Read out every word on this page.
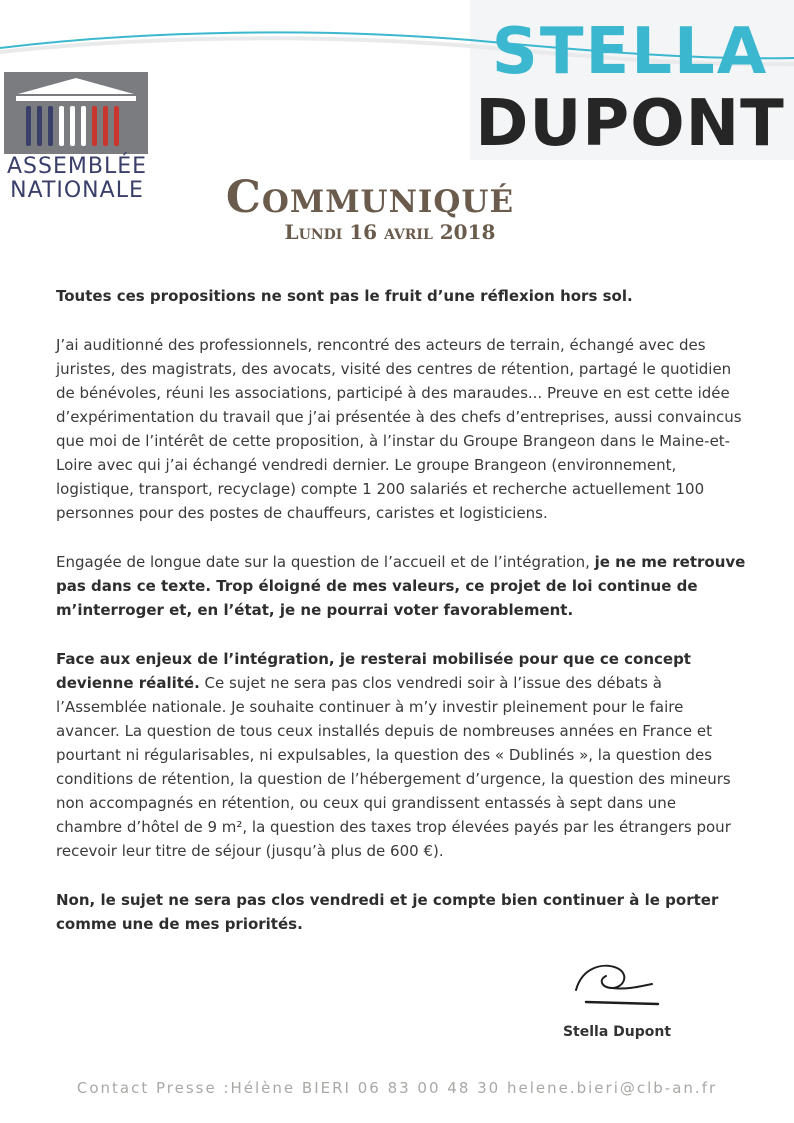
ASSEMBLÉE
NATIONALE
STELLA
DUPONT
Communiqué
Lundi 16 avril 2018

Toutes ces propositions ne sont pas le fruit d’une réflexion hors sol.

J’ai auditionné des professionnels, rencontré des acteurs de terrain, échangé avec des juristes, des magistrats, des avocats, visité des centres de rétention, partagé le quotidien de bénévoles, réuni les associations, participé à des maraudes... Preuve en est cette idée d’expérimentation du travail que j’ai présentée à des chefs d’entreprises, aussi convaincus que moi de l’intérêt de cette proposition, à l’instar du Groupe Brangeon dans le Maine-et-Loire avec qui j’ai échangé vendredi dernier. Le groupe Brangeon (environnement, logistique, transport, recyclage) compte 1 200 salariés et recherche actuellement 100 personnes pour des postes de chauffeurs, caristes et logisticiens.

Engagée de longue date sur la question de l’accueil et de l’intégration, je ne me retrouve pas dans ce texte. Trop éloigné de mes valeurs, ce projet de loi continue de m’interroger et, en l’état, je ne pourrai voter favorablement.

Face aux enjeux de l’intégration, je resterai mobilisée pour que ce concept devienne réalité. Ce sujet ne sera pas clos vendredi soir à l’issue des débats à l’Assemblée nationale. Je souhaite continuer à m’y investir pleinement pour le faire avancer. La question de tous ceux installés depuis de nombreuses années en France et pourtant ni régularisables, ni expulsables, la question des « Dublinés », la question des conditions de rétention, la question de l’hébergement d’urgence, la question des mineurs non accompagnés en rétention, ou ceux qui grandissent entassés à sept dans une chambre d’hôtel de 9 m², la question des taxes trop élevées payés par les étrangers pour recevoir leur titre de séjour (jusqu’à plus de 600 €).

Non, le sujet ne sera pas clos vendredi et je compte bien continuer à le porter comme une de mes priorités.

Stella Dupont
Contact Presse :Hélène BIERI 06 83 00 48 30 helene.bieri@clb-an.fr
